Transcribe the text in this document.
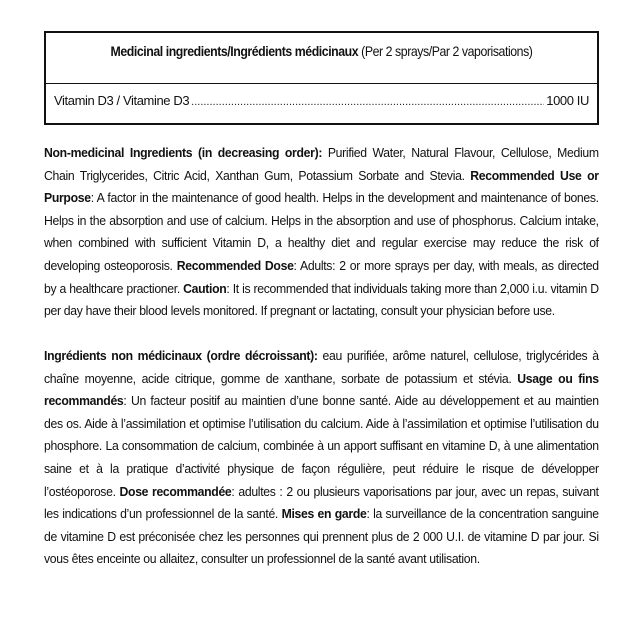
Medicinal ingredients/Ingrédients médicinaux (Per 2 sprays/Par 2 vaporisations)
Vitamin D3 / Vitamine D3
.....	1000 IU
Non-medicinal Ingredients (in decreasing order): Purified Water, Natural Flavour, Cellulose, Medium Chain Triglycerides, Citric Acid, Xanthan Gum, Potassium Sorbate and Stevia. Recommended Use or Purpose: A factor in the maintenance of good health. Helps in the development and maintenance of bones. Helps in the absorption and use of calcium. Helps in the absorption and use of phosphorus. Calcium intake, when combined with sufficient Vitamin D, a healthy diet and regular exercise may reduce the risk of developing osteoporosis. Recommended Dose: Adults: 2 or more sprays per day, with meals, as directed by a healthcare practioner. Caution: It is recommended that individuals taking more than 2,000 i.u. vitamin D per day have their blood levels monitored. If pregnant or lactating, consult your physician before use.
Ingrédients non médicinaux (ordre décroissant): eau purifiée, arôme naturel, cellulose, triglycérides à chaîne moyenne, acide citrique, gomme de xanthane, sorbate de potassium et stévia. Usage ou fins recommandés: Un facteur positif au maintien d’une bonne santé. Aide au développement et au maintien des os. Aide à l’assimilation et optimise l’utilisation du calcium. Aide à l’assimilation et optimise l’utilisation du phosphore. La consommation de calcium, combinée à un apport suffisant en vitamine D, à une alimentation saine et à la pratique d’activité physique de façon régulière, peut réduire le risque de développer l’ostéoporose. Dose recommandée: adultes : 2 ou plusieurs vaporisations par jour, avec un repas, suivant les indications d’un professionnel de la santé. Mises en garde: la surveillance de la concentration sanguine de vitamine D est préconisée chez les personnes qui prennent plus de 2 000 U.I. de vitamine D par jour. Si vous êtes enceinte ou allaitez, consulter un professionnel de la santé avant utilisation.
